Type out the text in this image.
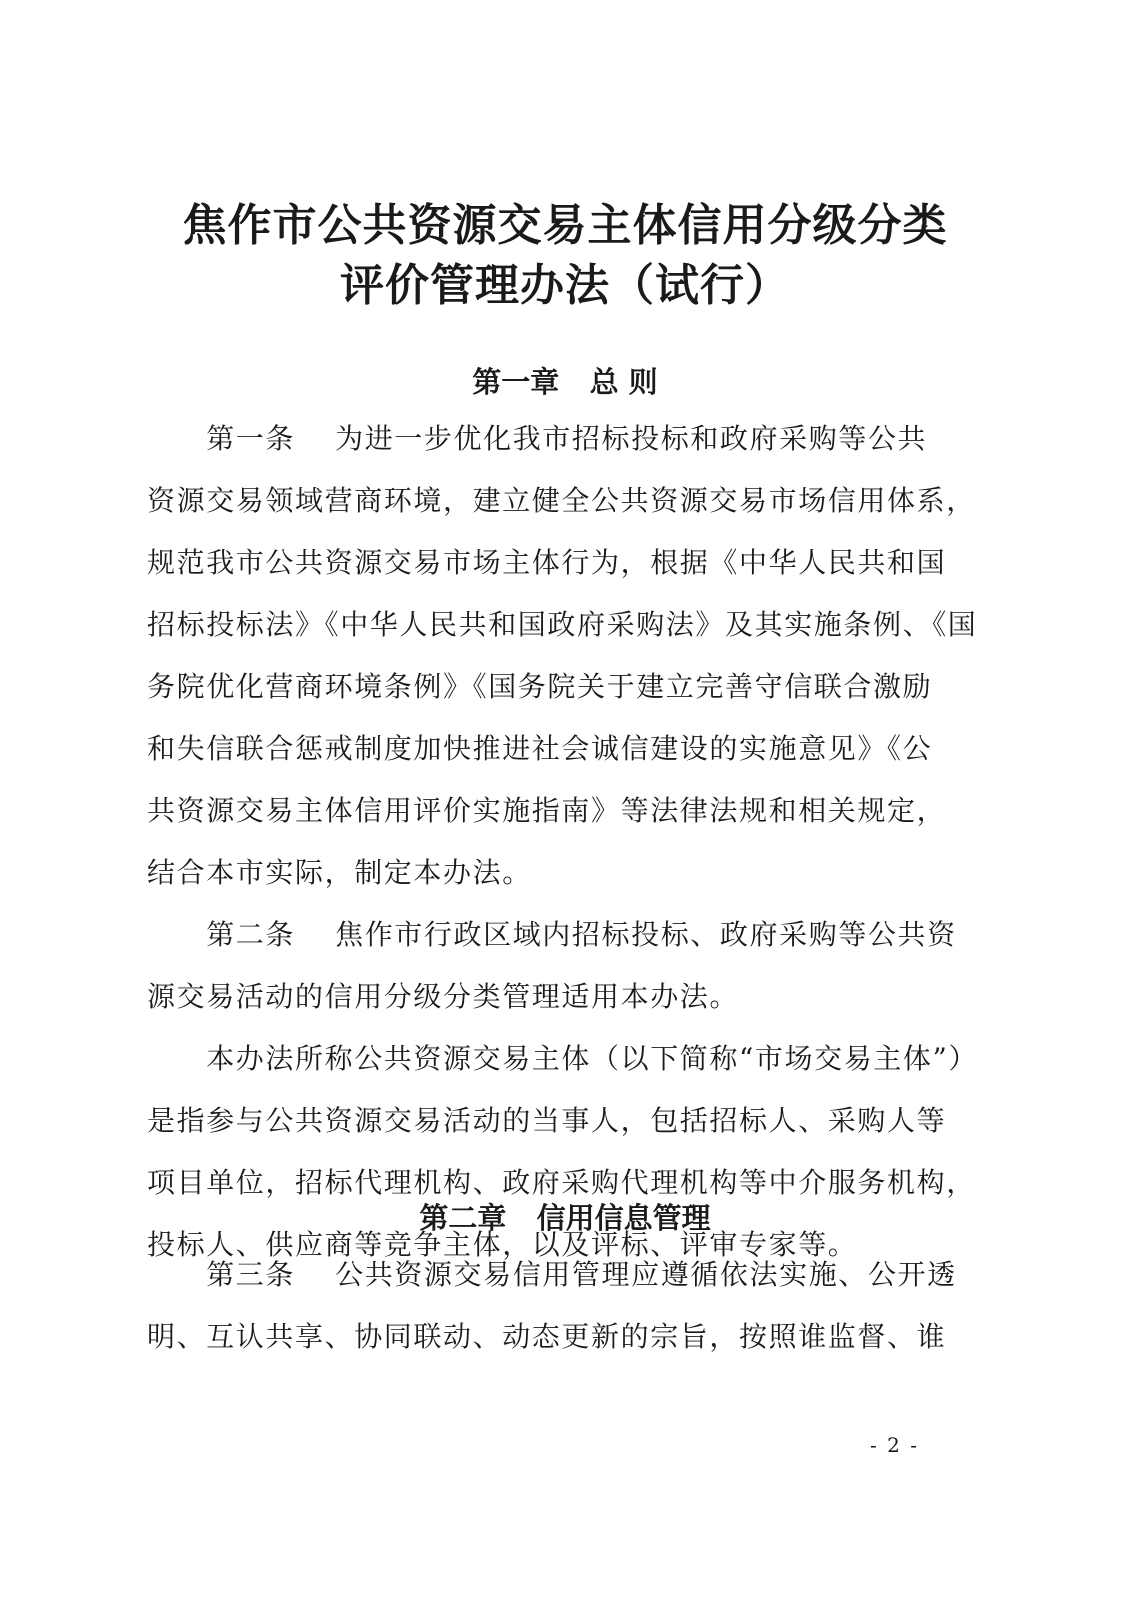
焦作市公共资源交易主体信用分级分类
评价管理办法（试行）
第一章   总 则
　　第一条　 为进一步优化我市招标投标和政府采购等公共
资源交易领域营商环境，建立健全公共资源交易市场信用体系，
规范我市公共资源交易市场主体行为，根据《中华人民共和国
招标投标法》《中华人民共和国政府采购法》及其实施条例、《国
务院优化营商环境条例》《国务院关于建立完善守信联合激励
和失信联合惩戒制度加快推进社会诚信建设的实施意见》《公
共资源交易主体信用评价实施指南》等法律法规和相关规定，
结合本市实际，制定本办法。
　　第二条　 焦作市行政区域内招标投标、政府采购等公共资
源交易活动的信用分级分类管理适用本办法。
　　本办法所称公共资源交易主体（以下简称“市场交易主体”）
是指参与公共资源交易活动的当事人，包括招标人、采购人等
项目单位，招标代理机构、政府采购代理机构等中介服务机构，
投标人、供应商等竞争主体，以及评标、评审专家等。
第二章   信用信息管理
　　第三条　 公共资源交易信用管理应遵循依法实施、公开透
明、互认共享、协同联动、动态更新的宗旨，按照谁监督、谁
- 2 -
